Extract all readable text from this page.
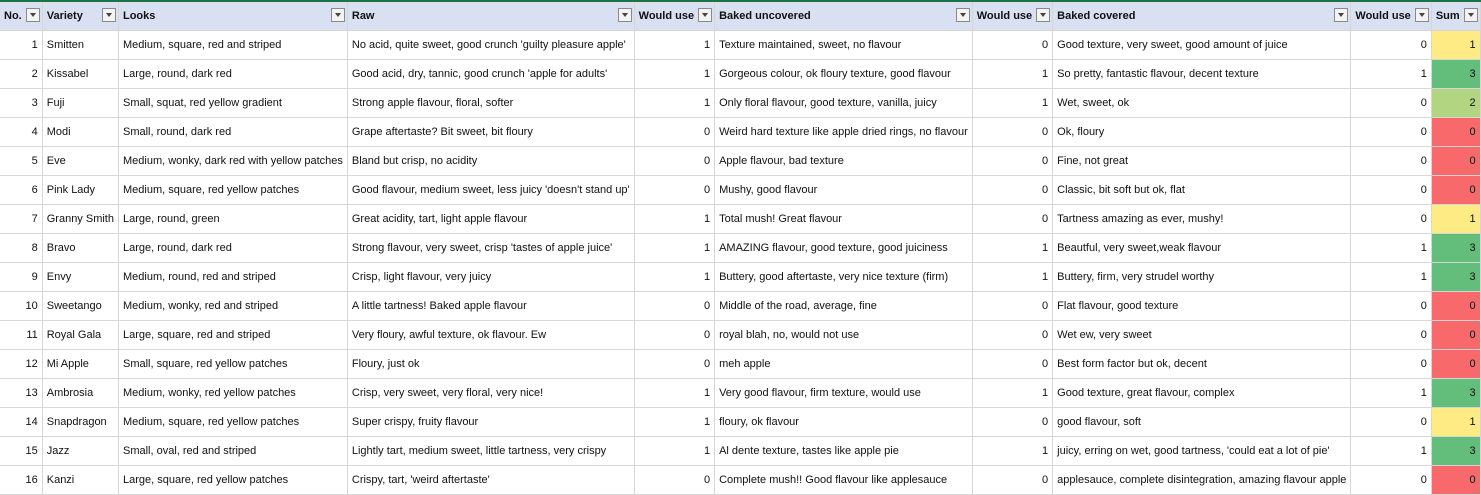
No.	Variety	Looks	Raw	Would use	Baked uncovered	Would use	Baked covered	Would use	Sum

1	Smitten	Medium, square, red and striped	No acid, quite sweet, good crunch 'guilty pleasure apple'	1	Texture maintained, sweet, no flavour	0	Good texture, very sweet, good amount of juice	0	1
2	Kissabel	Large, round, dark red	Good acid, dry, tannic, good crunch 'apple for adults'	1	Gorgeous colour, ok floury texture, good flavour	1	So pretty, fantastic flavour, decent texture	1	3
3	Fuji	Small, squat, red yellow gradient	Strong apple flavour, floral, softer	1	Only floral flavour, good texture, vanilla, juicy	1	Wet, sweet, ok	0	2
4	Modi	Small, round, dark red	Grape aftertaste? Bit sweet, bit floury	0	Weird hard texture like apple dried rings, no flavour	0	Ok, floury	0	0
5	Eve	Medium, wonky, dark red with yellow patches	Bland but crisp, no acidity	0	Apple flavour, bad texture	0	Fine, not great	0	0
6	Pink Lady	Medium, square, red yellow patches	Good flavour, medium sweet, less juicy 'doesn't stand up'	0	Mushy, good flavour	0	Classic, bit soft but ok, flat	0	0
7	Granny Smith	Large, round, green	Great acidity, tart, light apple flavour	1	Total mush! Great flavour	0	Tartness amazing as ever, mushy!	0	1
8	Bravo	Large, round, dark red	Strong flavour, very sweet, crisp 'tastes of apple juice'	1	AMAZING flavour, good texture, good juiciness	1	Beautful, very sweet,weak flavour	1	3
9	Envy	Medium, round, red and striped	Crisp, light flavour, very juicy	1	Buttery, good aftertaste, very nice texture (firm)	1	Buttery, firm, very strudel worthy	1	3
10	Sweetango	Medium, wonky, red and striped	A little tartness! Baked apple flavour	0	Middle of the road, average, fine	0	Flat flavour, good texture	0	0
11	Royal Gala	Large, square, red and striped	Very floury, awful texture, ok flavour. Ew	0	royal blah, no, would not use	0	Wet ew, very sweet	0	0
12	Mi Apple	Small, square, red yellow patches	Floury, just ok	0	meh apple	0	Best form factor but ok, decent	0	0
13	Ambrosia	Medium, wonky, red yellow patches	Crisp, very sweet, very floral, very nice!	1	Very good flavour, firm texture, would use	1	Good texture, great flavour, complex	1	3
14	Snapdragon	Medium, square, red yellow patches	Super crispy, fruity flavour	1	floury, ok flavour	0	good flavour, soft	0	1
15	Jazz	Small, oval, red and striped	Lightly tart, medium sweet, little tartness, very crispy	1	Al dente texture, tastes like apple pie	1	juicy, erring on wet, good tartness, 'could eat a lot of pie'	1	3
16	Kanzi	Large, square, red yellow patches	Crispy, tart, 'weird aftertaste'	0	Complete mush!! Good flavour like applesauce	0	applesauce, complete disintegration, amazing flavour apple	0	0
